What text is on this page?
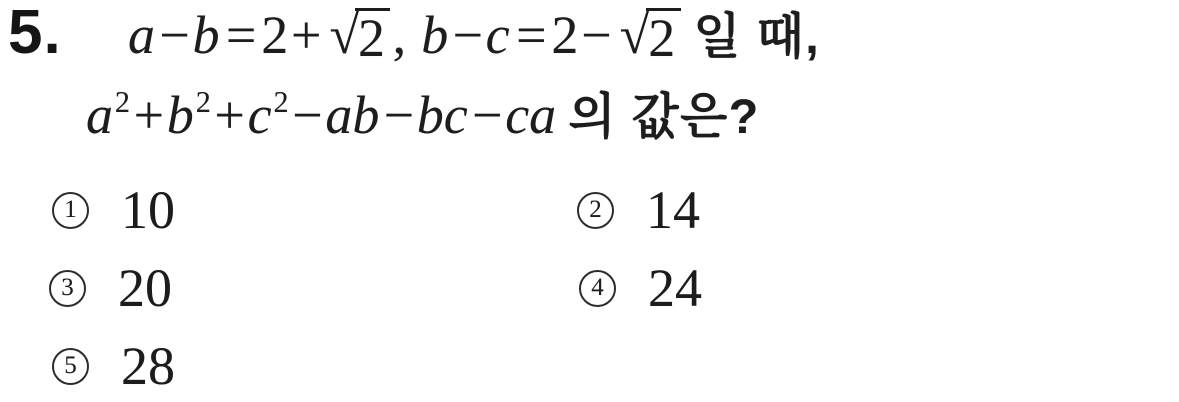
5. a−b =2+ √
2 , b−c =2− √
2 일 때,
$a^2+b^2+c^2-ab-bc-ca$ 의 값은?
1 10	2 14
3 20	4 24
5 28
